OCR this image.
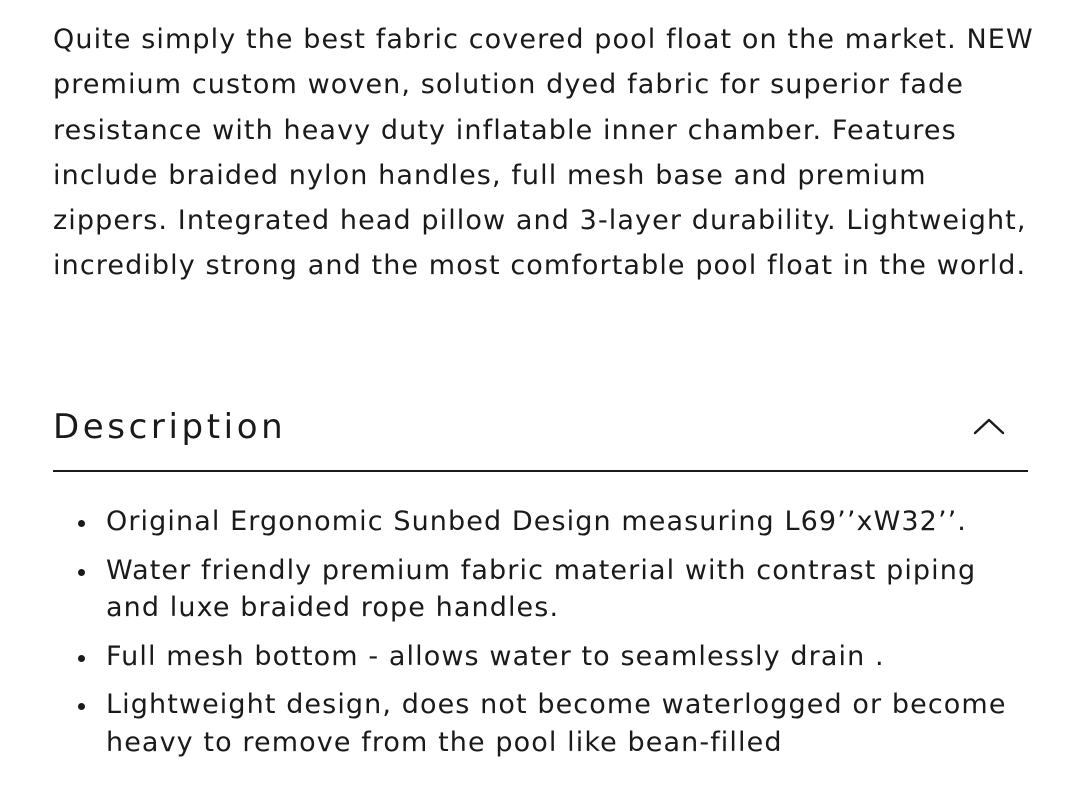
Quite simply the best fabric covered pool float on the market. NEW premium custom woven, solution dyed fabric for superior fade resistance with heavy duty inflatable inner chamber. Features include braided nylon handles, full mesh base and premium zippers. Integrated head pillow and 3-layer durability. Lightweight, incredibly strong and the most comfortable pool float in the world.

Description
Original Ergonomic Sunbed Design measuring L69’’xW32’’.
Water friendly premium fabric material with contrast piping and luxe braided rope handles.
Full mesh bottom - allows water to seamlessly drain .
Lightweight design, does not become waterlogged or become heavy to remove from the pool like bean-filled
